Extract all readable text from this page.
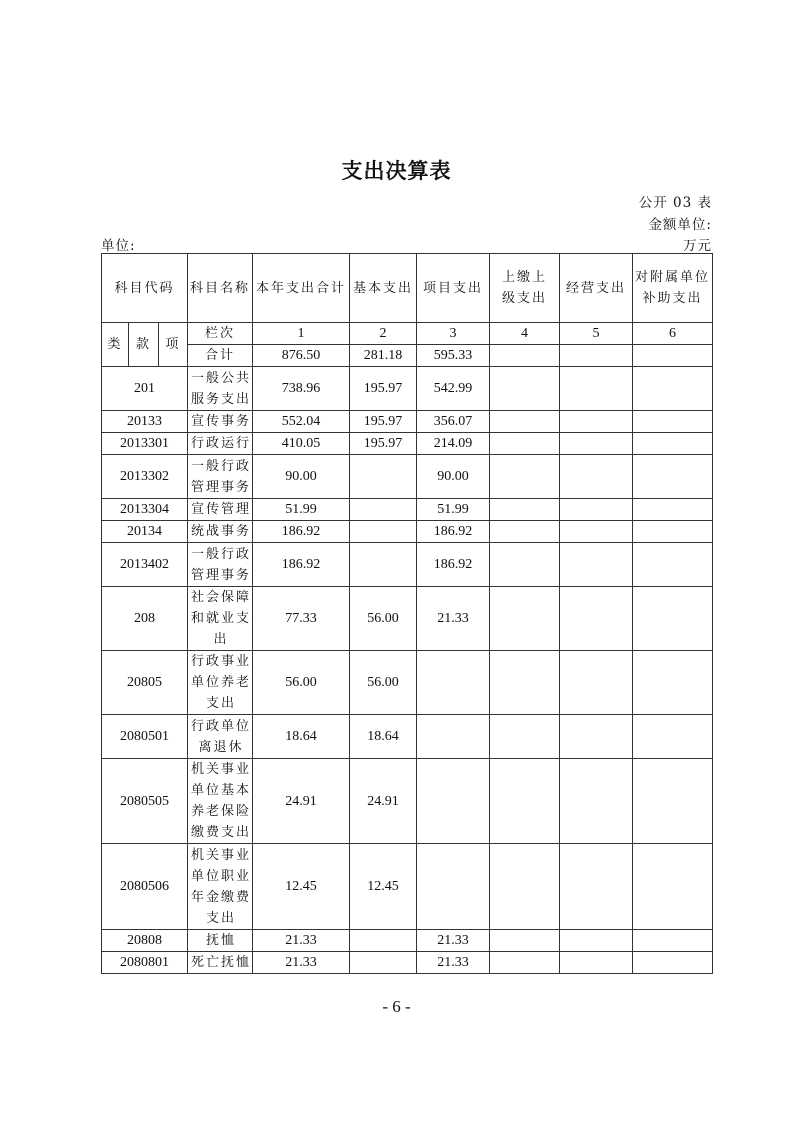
支出决算表
公开 03 表
金额单位:
单位:	万元
科目代码			科目名称	本年支出合计	基本支出	项目支出	上缴上级支出	经营支出	对附属单位补助支出
类	款	项	栏次	1	2	3	4	5	6
			合计	876.50	281.18	595.33			
201			一般公共服务支出	738.96	195.97	542.99			
20133			宣传事务	552.04	195.97	356.07			
2013301			行政运行	410.05	195.97	214.09			
2013302			一般行政管理事务	90.00		90.00			
2013304			宣传管理	51.99		51.99			
20134			统战事务	186.92		186.92			
2013402			一般行政管理事务	186.92		186.92			
208			社会保障和就业支出	77.33	56.00	21.33			
20805			行政事业单位养老支出	56.00	56.00				
2080501			行政单位离退休	18.64	18.64				
2080505			机关事业单位基本养老保险缴费支出	24.91	24.91				
2080506			机关事业单位职业年金缴费支出	12.45	12.45				
20808			抚恤	21.33		21.33			
2080801			死亡抚恤	21.33		21.33			
- 6 -
